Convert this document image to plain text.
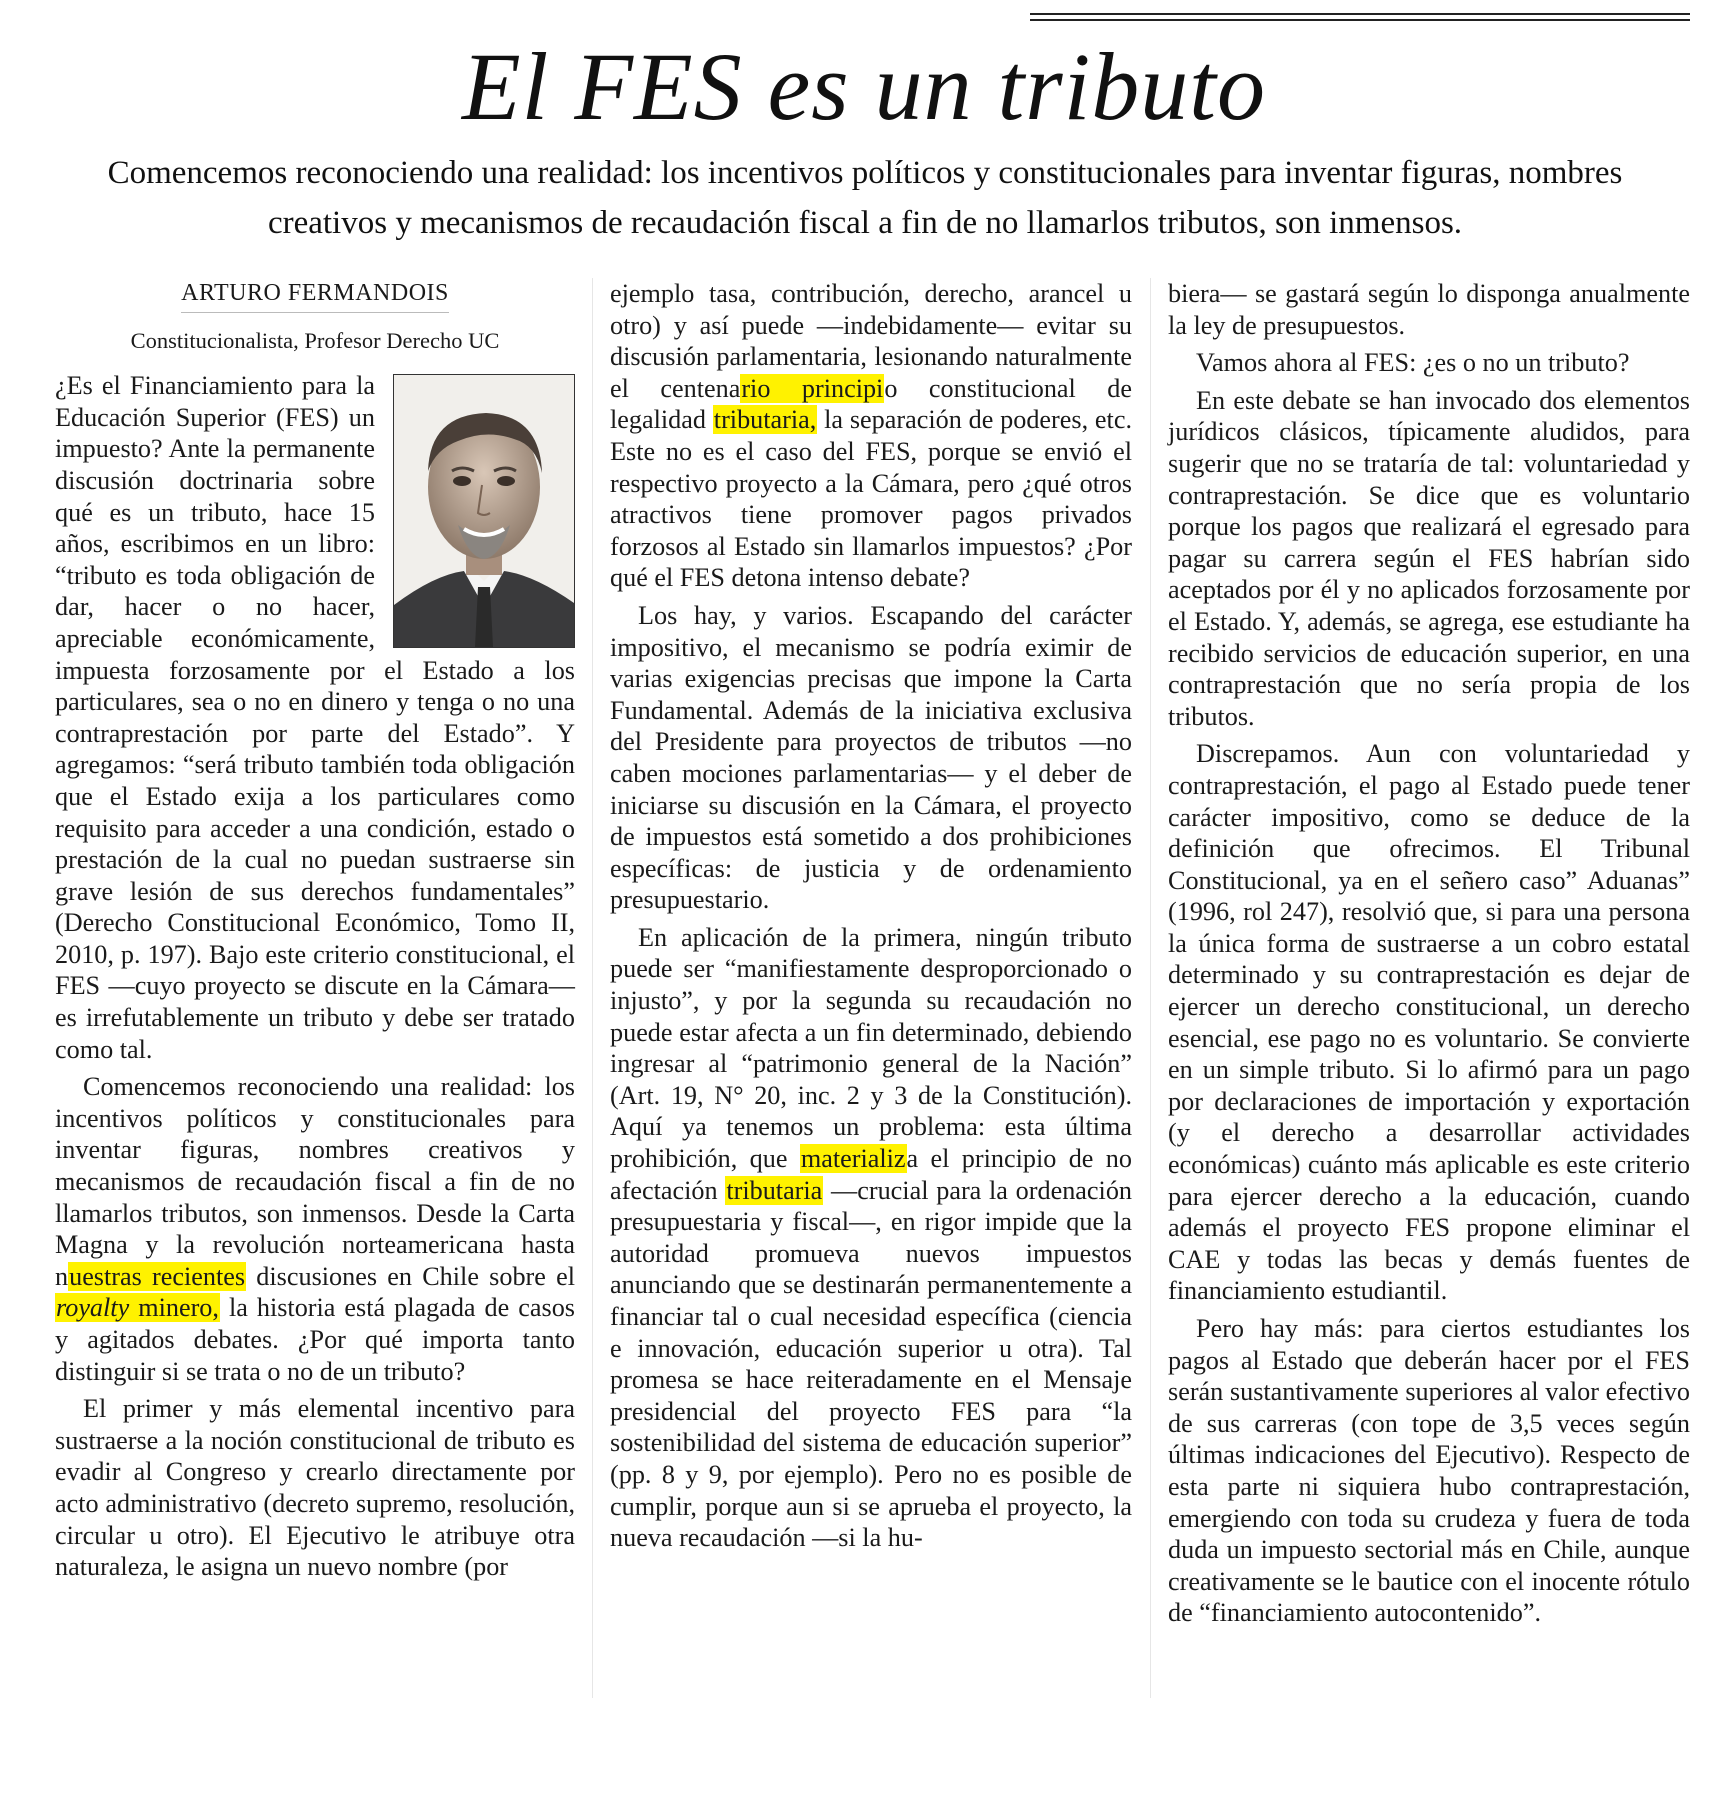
El FES es un tributo
Comencemos reconociendo una realidad: los incentivos políticos y constitucionales para inventar figuras, nombres creativos y mecanismos de recaudación fiscal a fin de no llamarlos tributos, son inmensos.
ARTURO FERMANDOIS
Constitucionalista, Profesor Derecho UC

¿Es el Financiamiento para la Educación Superior (FES) un impuesto? Ante la permanente discusión doctrinaria sobre qué es un tributo, hace 15 años, escribimos en un libro: “tributo es toda obligación de dar, hacer o no hacer, apreciable económicamente, impuesta forzosamente por el Estado a los particulares, sea o no en dinero y tenga o no una contraprestación por parte del Estado”. Y agregamos: “será tributo también toda obligación que el Estado exija a los particulares como requisito para acceder a una condición, estado o prestación de la cual no puedan sustraerse sin grave lesión de sus derechos fundamentales” (Derecho Constitucional Económico, Tomo II, 2010, p. 197). Bajo este criterio constitucional, el FES —cuyo proyecto se discute en la Cámara— es irrefutablemente un tributo y debe ser tratado como tal.

Comencemos reconociendo una realidad: los incentivos políticos y constitucionales para inventar figuras, nombres creativos y mecanismos de recaudación fiscal a fin de no llamarlos tributos, son inmensos. Desde la Carta Magna y la revolución norteamericana hasta nuestras recientes discusiones en Chile sobre el royalty minero, la historia está plagada de casos y agitados debates. ¿Por qué importa tanto distinguir si se trata o no de un tributo?

El primer y más elemental incentivo para sustraerse a la noción constitucional de tributo es evadir al Congreso y crearlo directamente por acto administrativo (decreto supremo, resolución, circular u otro). El Ejecutivo le atribuye otra naturaleza, le asigna un nuevo nombre (por

ejemplo tasa, contribución, derecho, arancel u otro) y así puede —indebidamente— evitar su discusión parlamentaria, lesionando naturalmente el centenario principio constitucional de legalidad tributaria, la separación de poderes, etc. Este no es el caso del FES, porque se envió el respectivo proyecto a la Cámara, pero ¿qué otros atractivos tiene promover pagos privados forzosos al Estado sin llamarlos impuestos? ¿Por qué el FES detona intenso debate?

Los hay, y varios. Escapando del carácter impositivo, el mecanismo se podría eximir de varias exigencias precisas que impone la Carta Fundamental. Además de la iniciativa exclusiva del Presidente para proyectos de tributos —no caben mociones parlamentarias— y el deber de iniciarse su discusión en la Cámara, el proyecto de impuestos está sometido a dos prohibiciones específicas: de justicia y de ordenamiento presupuestario.

En aplicación de la primera, ningún tributo puede ser “manifiestamente desproporcionado o injusto”, y por la segunda su recaudación no puede estar afecta a un fin determinado, debiendo ingresar al “patrimonio general de la Nación” (Art. 19, N° 20, inc. 2 y 3 de la Constitución). Aquí ya tenemos un problema: esta última prohibición, que materializa el principio de no afectación tributaria —crucial para la ordenación presupuestaria y fiscal—, en rigor impide que la autoridad promueva nuevos impuestos anunciando que se destinarán permanentemente a financiar tal o cual necesidad específica (ciencia e innovación, educación superior u otra). Tal promesa se hace reiteradamente en el Mensaje presidencial del proyecto FES para “la sostenibilidad del sistema de educación superior” (pp. 8 y 9, por ejemplo). Pero no es posible de cumplir, porque aun si se aprueba el proyecto, la nueva recaudación —si la hu-

biera— se gastará según lo disponga anualmente la ley de presupuestos.

Vamos ahora al FES: ¿es o no un tributo?

En este debate se han invocado dos elementos jurídicos clásicos, típicamente aludidos, para sugerir que no se trataría de tal: voluntariedad y contraprestación. Se dice que es voluntario porque los pagos que realizará el egresado para pagar su carrera según el FES habrían sido aceptados por él y no aplicados forzosamente por el Estado. Y, además, se agrega, ese estudiante ha recibido servicios de educación superior, en una contraprestación que no sería propia de los tributos.

Discrepamos. Aun con voluntariedad y contraprestación, el pago al Estado puede tener carácter impositivo, como se deduce de la definición que ofrecimos. El Tribunal Constitucional, ya en el señero caso” Aduanas” (1996, rol 247), resolvió que, si para una persona la única forma de sustraerse a un cobro estatal determinado y su contraprestación es dejar de ejercer un derecho constitucional, un derecho esencial, ese pago no es voluntario. Se convierte en un simple tributo. Si lo afirmó para un pago por declaraciones de importación y exportación (y el derecho a desarrollar actividades económicas) cuánto más aplicable es este criterio para ejercer derecho a la educación, cuando además el proyecto FES propone eliminar el CAE y todas las becas y demás fuentes de financiamiento estudiantil.

Pero hay más: para ciertos estudiantes los pagos al Estado que deberán hacer por el FES serán sustantivamente superiores al valor efectivo de sus carreras (con tope de 3,5 veces según últimas indicaciones del Ejecutivo). Respecto de esta parte ni siquiera hubo contraprestación, emergiendo con toda su crudeza y fuera de toda duda un impuesto sectorial más en Chile, aunque creativamente se le bautice con el inocente rótulo de “financiamiento autocontenido”.
